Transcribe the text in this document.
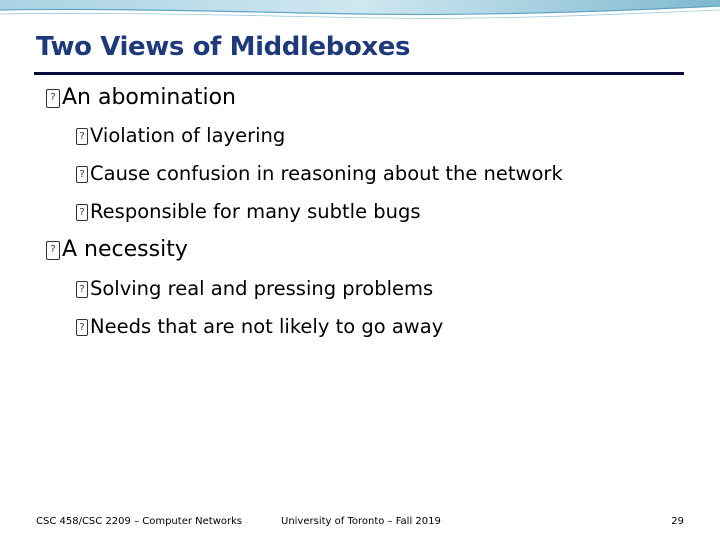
Two Views of Middleboxes
?
An abomination
?
Violation of layering
?
Cause confusion in reasoning about the network
?
Responsible for many subtle bugs
?
A necessity
?
Solving real and pressing problems
?
Needs that are not likely to go away
CSC 458/CSC 2209 – Computer Networks	University of Toronto – Fall 2019	29
